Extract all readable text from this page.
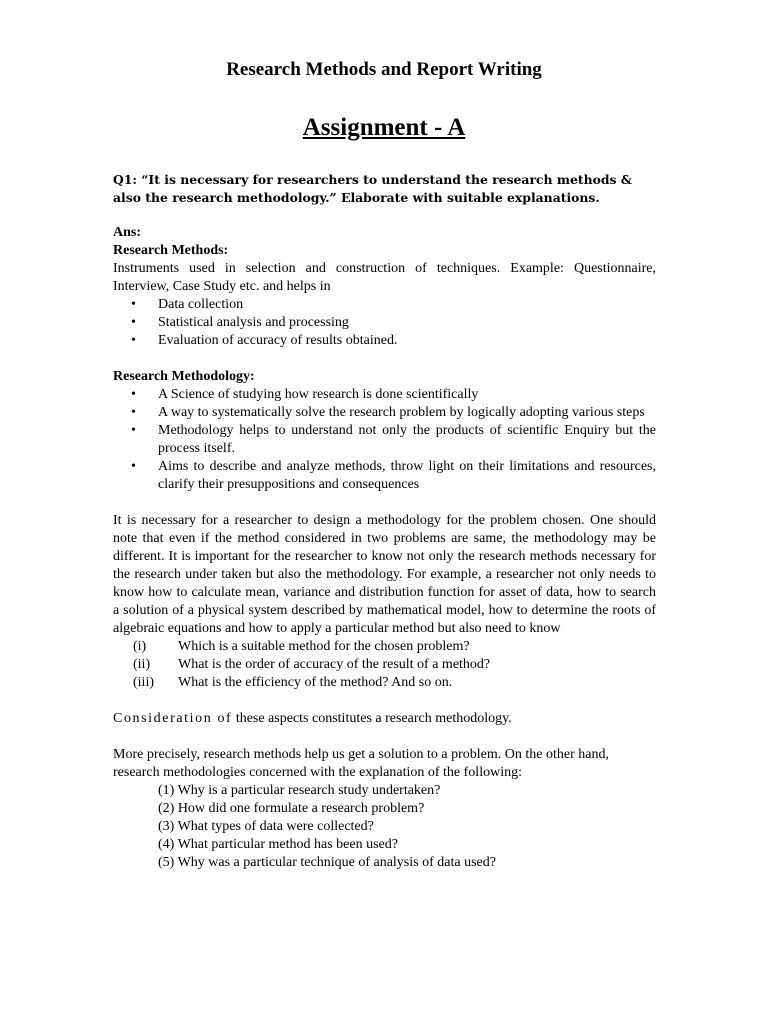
Research Methods and Report Writing
Assignment - A
Q1: “It is necessary for researchers to understand the research methods & also the research methodology.” Elaborate with suitable explanations.
Ans:
Research Methods:
Instruments used in selection and construction of techniques. Example: Questionnaire, Interview, Case Study etc. and helps in
• Data collection
• Statistical analysis and processing
• Evaluation of accuracy of results obtained.
Research Methodology:
• A Science of studying how research is done scientifically
• A way to systematically solve the research problem by logically adopting various steps
• Methodology helps to understand not only the products of scientific Enquiry but the process itself.
• Aims to describe and analyze methods, throw light on their limitations and resources, clarify their presuppositions and consequences
It is necessary for a researcher to design a methodology for the problem chosen. One should note that even if the method considered in two problems are same, the methodology may be different. It is important for the researcher to know not only the research methods necessary for the research under taken but also the methodology. For example, a researcher not only needs to know how to calculate mean, variance and distribution function for asset of data, how to search a solution of a physical system described by mathematical model, how to determine the roots of algebraic equations and how to apply a particular method but also need to know
(i)	Which is a suitable method for the chosen problem?
(ii)	What is the order of accuracy of the result of a method?
(iii)	What is the efficiency of the method? And so on.
Consideration of these aspects constitutes a research methodology.
More precisely, research methods help us get a solution to a problem. On the other hand, research methodologies concerned with the explanation of the following:
(1) Why is a particular research study undertaken?
(2) How did one formulate a research problem?
(3) What types of data were collected?
(4) What particular method has been used?
(5) Why was a particular technique of analysis of data used?
